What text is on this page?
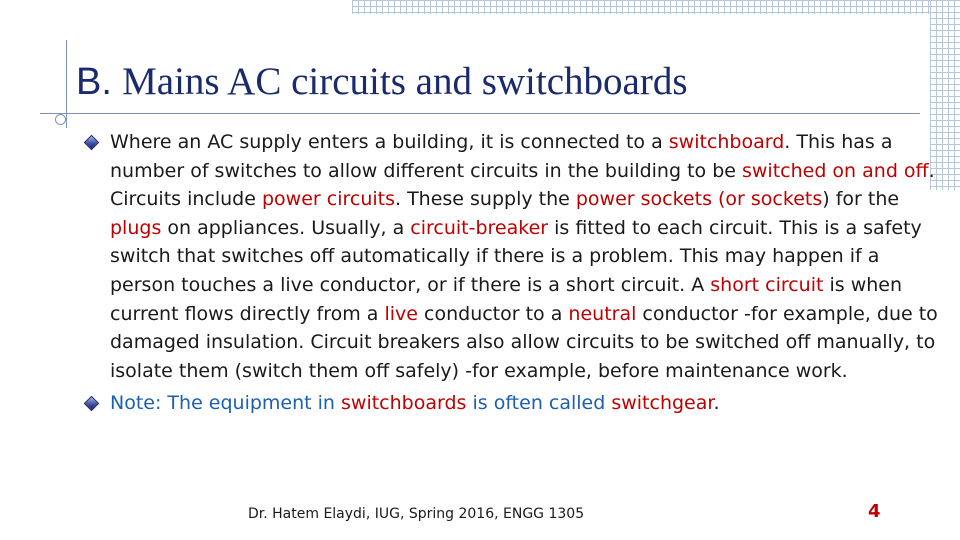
B. Mains AC circuits and switchboards
Where an AC supply enters a building, it is connected to a switchboard. This has a number of switches to allow different circuits in the building to be switched on and off. Circuits include power circuits. These supply the power sockets (or sockets) for the plugs on appliances. Usually, a circuit-breaker is fitted to each circuit. This is a safety switch that switches off automatically if there is a problem. This may happen if a person touches a live conductor, or if there is a short circuit. A short circuit is when current flows directly from a live conductor to a neutral conductor -for example, due to damaged insulation. Circuit breakers also allow circuits to be switched off manually, to isolate them (switch them off safely) -for example, before maintenance work.
Note: The equipment in switchboards is often called switchgear.
Dr. Hatem Elaydi, IUG, Spring 2016, ENGG 1305	4
